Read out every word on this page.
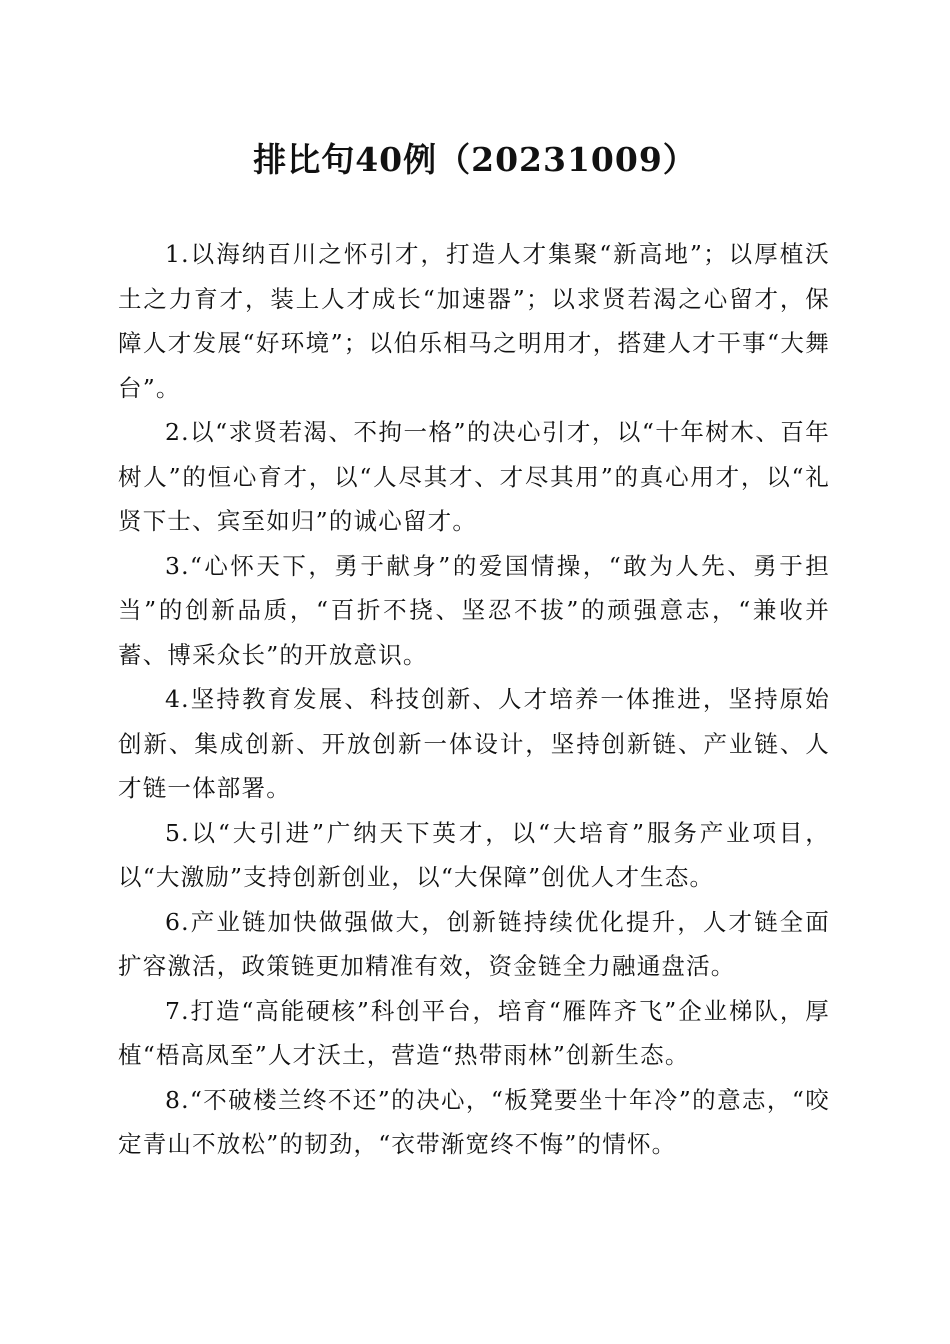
排比句40例（20231009）

1.以海纳百川之怀引才，打造人才集聚“新高地”；以厚植沃土之力育才，装上人才成长“加速器”；以求贤若渴之心留才，保障人才发展“好环境”；以伯乐相马之明用才，搭建人才干事“大舞台”。

2.以“求贤若渴、不拘一格”的决心引才，以“十年树木、百年树人”的恒心育才，以“人尽其才、才尽其用”的真心用才，以“礼贤下士、宾至如归”的诚心留才。

3.“心怀天下，勇于献身”的爱国情操，“敢为人先、勇于担当”的创新品质，“百折不挠、坚忍不拔”的顽强意志，“兼收并蓄、博采众长”的开放意识。

4.坚持教育发展、科技创新、人才培养一体推进，坚持原始创新、集成创新、开放创新一体设计，坚持创新链、产业链、人才链一体部署。

5.以“大引进”广纳天下英才，以“大培育”服务产业项目，以“大激励”支持创新创业，以“大保障”创优人才生态。

6.产业链加快做强做大，创新链持续优化提升，人才链全面扩容激活，政策链更加精准有效，资金链全力融通盘活。

7.打造“高能硬核”科创平台，培育“雁阵齐飞”企业梯队，厚植“梧高凤至”人才沃土，营造“热带雨林”创新生态。

8.“不破楼兰终不还”的决心，“板凳要坐十年冷”的意志，“咬定青山不放松”的韧劲，“衣带渐宽终不悔”的情怀。
